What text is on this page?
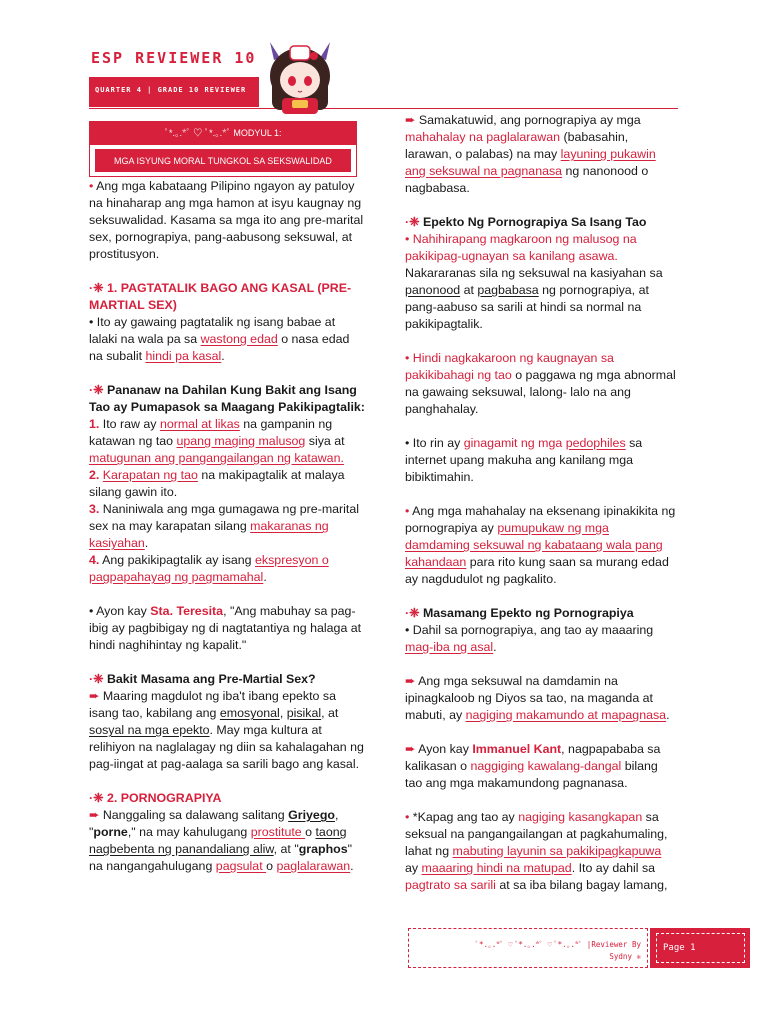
ESP REVIEWER 10
QUARTER 4 | GRADE 10 REVIEWER
ﾟ*.｡.*ﾟ ♡ ﾟ*.｡.*ﾟ MODYUL 1:
MGA ISYUNG MORAL TUNGKOL SA SEKSWALIDAD

• Ang mga kabataang Pilipino ngayon ay patuloy na hinaharap ang mga hamon at isyu kaugnay ng seksuwalidad. Kasama sa mga ito ang pre-marital sex, pornograpiya, pang-aabusong seksuwal, at prostitusyon.

·❈ 1. PAGTATALIK BAGO ANG KASAL (PRE-MARTIAL SEX)

• Ito ay gawaing pagtatalik ng isang babae at lalaki na wala pa sa wastong edad o nasa edad na subalit hindi pa kasal.

·❈ Pananaw na Dahilan Kung Bakit ang Isang Tao ay Pumapasok sa Maagang Pakikipagtalik:

1. Ito raw ay normal at likas na gampanin ng katawan ng tao upang maging malusog siya at matugunan ang pangangailangan ng katawan.

2. Karapatan ng tao na makipagtalik at malaya silang gawin ito.

3. Naniniwala ang mga gumagawa ng pre-marital sex na may karapatan silang makaranas ng kasiyahan.

4. Ang pakikipagtalik ay isang ekspresyon o pagpapahayag ng pagmamahal.

• Ayon kay Sta. Teresita, "Ang mabuhay sa pag-ibig ay pagbibigay ng di nagtatantiya ng halaga at hindi naghihintay ng kapalit."

·❈ Bakit Masama ang Pre-Martial Sex?

➨ Maaring magdulot ng iba't ibang epekto sa isang tao, kabilang ang emosyonal, pisikal, at sosyal na mga epekto. May mga kultura at relihiyon na naglalagay ng diin sa kahalagahan ng pag-iingat at pag-aalaga sa sarili bago ang kasal.

·❈ 2. PORNOGRAPIYA

➨ Nanggaling sa dalawang salitang Griyego, "porne," na may kahulugang prostitute o taong nagbebenta ng panandaliang aliw, at "graphos" na nangangahulugang pagsulat o paglalarawan.

➨ Samakatuwid, ang pornograpiya ay mga mahahalay na paglalarawan (babasahin, larawan, o palabas) na may layuning pukawin ang seksuwal na pagnanasa ng nanonood o nagbabasa.

·❈ Epekto Ng Pornograpiya Sa Isang Tao

• Nahihirapang magkaroon ng malusog na pakikipag-ugnayan sa kanilang asawa. Nakararanas sila ng seksuwal na kasiyahan sa panonood at pagbabasa ng pornograpiya, at pang-aabuso sa sarili at hindi sa normal na pakikipagtalik.

• Hindi nagkakaroon ng kaugnayan sa pakikibahagi ng tao o paggawa ng mga abnormal na gawaing seksuwal, lalong- lalo na ang panghahalay.

• Ito rin ay ginagamit ng mga pedophiles sa internet upang makuha ang kanilang mga bibiktimahin.

• Ang mga mahahalay na eksenang ipinakikita ng pornograpiya ay pumupukaw ng mga damdaming seksuwal ng kabataang wala pang kahandaan para rito kung saan sa murang edad ay nagdudulot ng pagkalito.

·❈ Masamang Epekto ng Pornograpiya

• Dahil sa pornograpiya, ang tao ay maaaring mag-iba ng asal.

➨ Ang mga seksuwal na damdamin na ipinagkaloob ng Diyos sa tao, na maganda at mabuti, ay nagiging makamundo at mapagnasa.

➨ Ayon kay Immanuel Kant, nagpapababa sa kalikasan o naggiging kawalang-dangal bilang tao ang mga makamundong pagnanasa.

• *Kapag ang tao ay nagiging kasangkapan sa seksual na pangangailangan at pagkahumaling, lahat ng mabuting layunin sa pakikipagkapuwa ay maaaring hindi na matupad. Ito ay dahil sa pagtrato sa sarili at sa iba bilang bagay lamang,

ﾟ*.｡.*ﾟ ♡ ﾟ*.｡.*ﾟ ♡ ﾟ*.｡.*ﾟ |Reviewer By
Sydny ❈
Page 1
